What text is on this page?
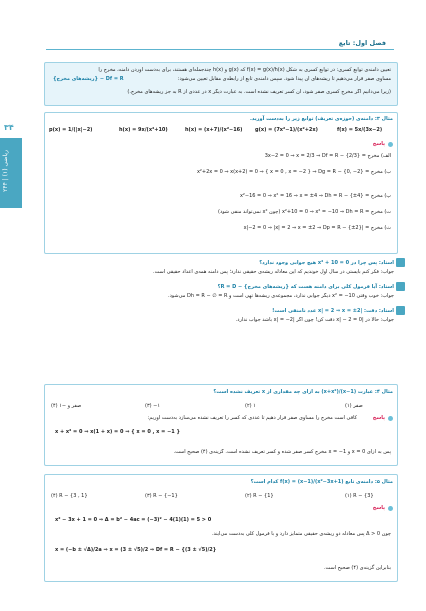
۳۴
ریاضی (۱) | ۲۴۴
فصل اول: تابع
تعیین دامنه‌ی توابع کسری: در توابع کسری به شکل f(x) = g(x)/h(x) که g(x) و h(x) چندجمله‌ای هستند، برای به‌دست آوردن دامنه، مخرج را
مساوی صفر قرار می‌دهیم تا ریشه‌های آن پیدا شود. سپس دامنه‌ی تابع از رابطه‌ی مقابل تعیین می‌شود:
Df = R − {ریشه‌های مخرج}
(زیرا می‌دانیم اگر مخرج کسری صفر شود، آن کسر تعریف نشده است. به عبارت دیگر x در عددی از R به جز ریشه‌های مخرج.)
مثال ۳: دامنه‌ی (حوزه‌ی تعریف) توابع زیر را به‌دست آورید.
p(x) = 1/(|x|−2)	h(x) = 9x/(x²+10)	h(x) = (x+7)/(x²−16)	g(x) = (7x²−1)/(x²+2x)	f(x) = 5x/(3x−2)
پاسخ
الف) مخرج = 3x−2 = 0 ⇒ x = 2/3 ⇒ Df = R − {2/3}
ب) مخرج = x²+2x = 0 ⇒ x(x+2) = 0 ⇒ { x = 0 , x = −2 } ⇒ Dg = R − {0, −2}
پ) مخرج = x²−16 = 0 ⇒ x² = 16 ⇒ x = ±4 ⇒ Dh = R − {±4}
ت) مخرج = x²+10 = 0 ⇒ x² = −10 ⇒ Dh = R (چون x² نمی‌تواند منفی شود)
ث) مخرج = |x|−2 = 0 ⇒ |x| = 2 ⇒ x = ±2 ⇒ Dp = R − {±2}
استاد: پس چرا در x² + 10 = 0 هیچ جوابی وجود ندارد؟
جواب: فکر کنم بایستی در سال اول خوندیم که این معادله ریشه‌ی حقیقی ندارد؛ پس دامنه همه‌ی اعداد حقیقی است.
استاد: آیا فرمول کلی برای دامنه هست که {ریشه‌های مخرج} − R = D؟
جواب: خوب وقتی x² = −10 دیگر جوابی ندارد، مجموعه‌ی ریشه‌ها تهی است و Dh = R − ∅ = R می‌شود.
استاد: دقت: |x| = 2 ⇒ x = ±2 عدد نامنفی است!
جواب: حالا در |x| − 2 = 0 دقت کن! چون اگر |x| = −2 باشد جواب ندارد.
مثال ۴: عبارت (1−x)/(x+x²) به ازای چه مقداری از x تعریف نشده است؟
(۴) صفر و −۱	(۳) −۱	(۲) ۱	(۱) صفر
پاسخ
کافی است مخرج را مساوی صفر قرار دهیم تا عددی که کسر را تعریف نشده می‌سازد به‌دست آوریم:
x + x² = 0 ⇒ x(1 + x) = 0 ⇒ { x = 0 , x = −1 }
پس به ازای x = 0 و x = −1 مخرج کسر صفر شده و کسر تعریف نشده است. گزینه‌ی (۴) صحیح است.
مثال ۵: دامنه‌ی تابع f(x) = (x−1)/(x²−3x+1) کدام است؟
(۴) R − {3 , 1}	(۳) R − {−1}	(۲) R − {1}	(۱) R − {3}
پاسخ
x² − 3x + 1 = 0 ⇒ Δ = b² − 4ac = (−3)² − 4(1)(1) = 5 > 0
چون Δ > 0 پس معادله دو ریشه‌ی حقیقی متمایز دارد و با فرمول کلی به‌دست می‌آیند.
x = (−b ± √Δ)/2a ⇒ x = (3 ± √5)/2 ⇒ Df = R − {(3 ± √5)/2}
بنابراین گزینه‌ی (۴) صحیح است.
